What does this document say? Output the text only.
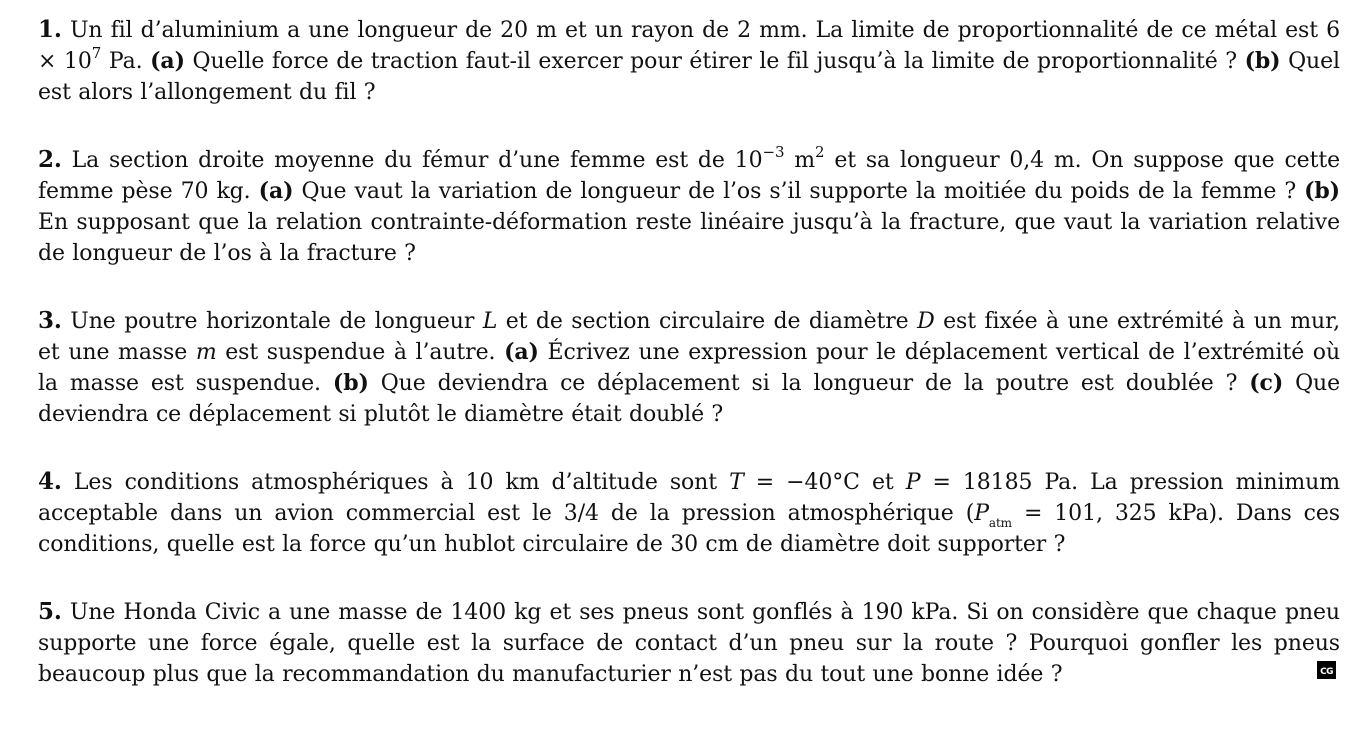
1. Un fil d’aluminium a une longueur de 20 m et un rayon de 2 mm. La limite de proportionnalité de ce métal est $6 \times 10^7$ Pa. (a) Quelle force de traction faut-il exercer pour étirer le fil jusqu’à la limite de proportionnalité ? (b) Quel est alors l’allongement du fil ?

2. La section droite moyenne du fémur d’une femme est de $10^{-3}$ $m^2$ et sa longueur 0,4 m. On suppose que cette femme pèse 70 kg. (a) Que vaut la variation de longueur de l’os s’il supporte la moitiée du poids de la femme ? (b) En supposant que la relation contrainte-déformation reste linéaire jusqu’à la fracture, que vaut la variation relative de longueur de l’os à la fracture ?

3. Une poutre horizontale de longueur L et de section circulaire de diamètre D est fixée à une extrémité à un mur, et une masse m est suspendue à l’autre. (a) Écrivez une expression pour le déplacement vertical de l’extrémité où la masse est suspendue. (b) Que deviendra ce déplacement si la longueur de la poutre est doublée ? (c) Que deviendra ce déplacement si plutôt le diamètre était doublé ?

4. Les conditions atmosphériques à 10 km d’altitude sont T = −40°C et P = 18185 Pa. La pression minimum acceptable dans un avion commercial est le 3/4 de la pression atmosphérique ($P_{atm} = 101$, 325 kPa). Dans ces conditions, quelle est la force qu’un hublot circulaire de 30 cm de diamètre doit supporter ?

5. Une Honda Civic a une masse de 1400 kg et ses pneus sont gonflés à 190 kPa. Si on considère que chaque pneu supporte une force égale, quelle est la surface de contact d’un pneu sur la route ? Pourquoi gonfler les pneus beaucoup plus que la recommandation du manufacturier n’est pas du tout une bonne idée ?	CG
